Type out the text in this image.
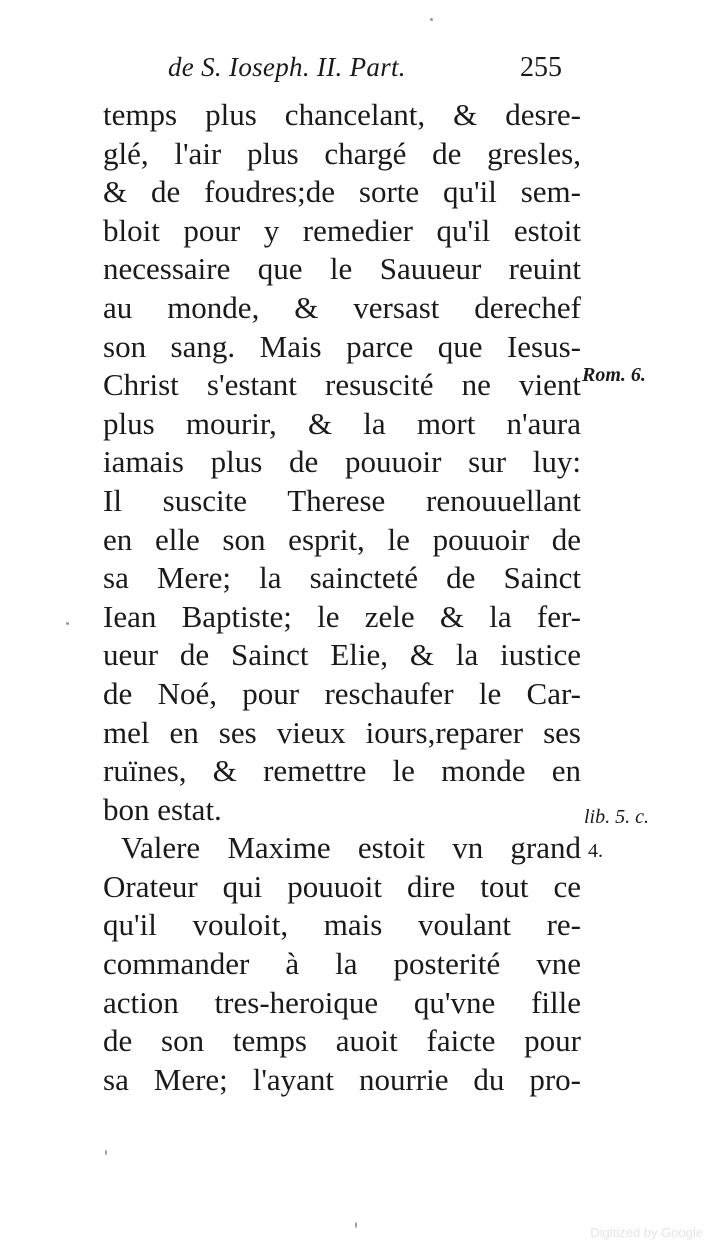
de S. Ioseph. II. Part.	255
temps plus chancelant, & desre-
glé, l'air plus chargé de gresles,
& de foudres;de sorte qu'il sem-
bloit pour y remedier qu'il estoit
necessaire que le Sauueur reuint
au monde, & versast derechef
son sang. Mais parce que Iesus-
Christ s'estant resuscité ne vient
plus mourir, & la mort n'aura
iamais plus de pouuoir sur luy:
Il suscite Therese renouuellant
en elle son esprit, le pouuoir de
sa Mere; la saincteté de Sainct
Iean Baptiste; le zele & la fer-
ueur de Sainct Elie, & la iustice
de Noé, pour reschaufer le Car-
mel en ses vieux iours,reparer ses
ruïnes, & remettre le monde en
bon estat.
Valere Maxime estoit vn grand
Orateur qui pouuoit dire tout ce
qu'il vouloit, mais voulant re-
commander à la posterité vne
action tres-heroique qu'vne fille
de son temps auoit faicte pour
sa Mere; l'ayant nourrie du pro-
Rom. 6.
lib. 5. c.
4.
Digitized by Google
